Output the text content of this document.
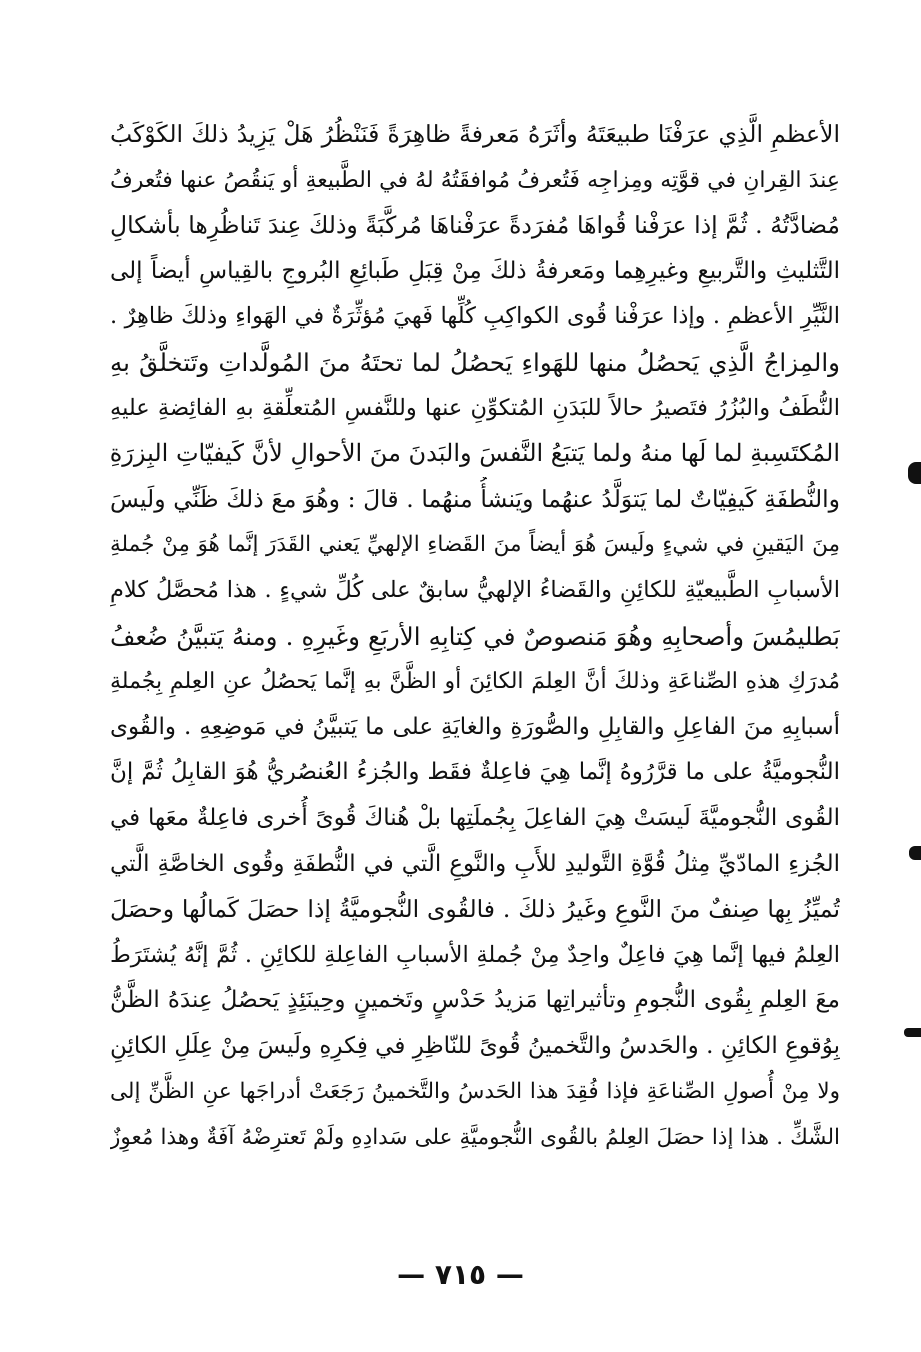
الأعظمِ الَّذِي عرَفْنَا طبيعَتَهُ وأثَرَهُ مَعرفةً ظاهِرَةً فَنَنْظُرُ هَلْ يَزِيدُ ذلكَ الكَوْكَبُ
عِندَ القِرانِ في قوَّتِه ومِزاجِه فَتُعرفُ مُوافقَتُهُ لهُ في الطَّبيعةِ أو يَنقُصُ عنها فتُعرفُ
مُضادَّتُهُ . ثُمَّ إذا عرَفْنا قُواهَا مُفرَدةً عرَفْناهَا مُركَّبَةً وذلكَ عِندَ تَناظُرِها بأشكالِ
التَّثليثِ والتَّربيعِ وغيرِهِما ومَعرفةُ ذلكَ مِنْ قِبَلِ طَبائِعِ البُروجِ بالقِياسِ أيضاً إلى
النَّيِّرِ الأعظمِ . وإذا عرَفْنا قُوى الكواكِبِ كُلِّها فَهيَ مُؤثِّرَةٌ في الهَواءِ وذلكَ ظاهِرٌ .
والمِزاجُ الَّذِي يَحصُلُ منها للهَواءِ يَحصُلُ لما تحتَهُ منَ المُولَّداتِ وتَتخلَّقُ بهِ
النُّطَفُ والبُزُرُ فتَصيرُ حالاً للبَدَنِ المُتكوِّنِ عنها وللنَّفسِ المُتعلِّقةِ بهِ الفائِضةِ عليهِ
المُكتَسِبةِ لما لَها منهُ ولما يَتبَعُ النَّفسَ والبَدنَ منَ الأحوالِ لأنَّ كَيفيّاتِ البِزرَةِ
والنُّطفَةِ كَيفِيّاتٌ لما يَتوَلَّدُ عنهُما ويَنشأُ منهُما . قالَ : وهُوَ معَ ذلكَ ظَنِّي ولَيسَ
مِنَ اليَقينِ في شيءٍ ولَيسَ هُوَ أيضاً منَ القَضاءِ الإلهيِّ يَعني القَدَرَ إنَّما هُوَ مِنْ جُملةِ
الأسبابِ الطَّبيعيّةِ للكائِنِ والقَضاءُ الإلهيُّ سابقٌ على كُلِّ شيءٍ . هذا مُحصَّلُ كلامِ
بَطليمُسَ وأصحابِهِ وهُوَ مَنصوصٌ في كِتابِهِ الأربَعِ وغَيرِهِ . ومنهُ يَتبيَّنُ ضُعفُ
مُدرَكِ هذهِ الصِّناعَةِ وذلكَ أنَّ العِلمَ الكائِنَ أو الظَّنَّ بهِ إنَّما يَحصُلُ عنِ العِلمِ بِجُملةِ
أسبابِهِ منَ الفاعِلِ والقابِلِ والصُّورَةِ والغايَةِ على ما يَتبيَّنُ في مَوضِعِهِ . والقُوى
النُّجوميَّةُ على ما قرَّرُوهُ إنَّما هِيَ فاعِلةٌ فقَط والجُزءُ العُنصُريُّ هُوَ القابِلُ ثُمَّ إنَّ
القُوى النُّجوميَّةَ لَيسَتْ هِيَ الفاعِلَ بِجُملَتِها بلْ هُناكَ قُوىً أُخرى فاعِلةٌ معَها في
الجُزءِ المادّيِّ مِثلُ قُوَّةِ التَّوليدِ للأَبِ والنَّوعِ الَّتي في النُّطفَةِ وقُوى الخاصَّةِ الَّتي
تُميِّزُ بِها صِنفٌ منَ النَّوعِ وغَيرُ ذلكَ . فالقُوى النُّجوميَّةُ إذا حصَلَ كَمالُها وحصَلَ
العِلمُ فيها إنَّما هِيَ فاعِلٌ واحِدٌ مِنْ جُملةِ الأسبابِ الفاعِلةِ للكائِنِ . ثُمَّ إنَّهُ يُشتَرَطُ
معَ العِلمِ بِقُوى النُّجومِ وتأثيراتِها مَزيدُ حَدْسٍ وتَخمينٍ وحِينَئِذٍ يَحصُلُ عِندَهُ الظَّنُّ
بِوُقوعِ الكائِنِ . والحَدسُ والتَّخمينُ قُوىً للنّاظِرِ في فِكرِهِ ولَيسَ مِنْ عِلَلِ الكائِنِ
ولا مِنْ أُصولِ الصِّناعَةِ فإذا فُقِدَ هذا الحَدسُ والتَّخمينُ رَجَعَتْ أدراجَها عنِ الظَّنِّ إلى
الشَّكِّ . هذا إذا حصَلَ العِلمُ بالقُوى النُّجوميَّةِ على سَدادِهِ ولَمْ تَعترِضْهُ آفَةٌ وهذا مُعوِزٌ
— ٧١٥ —
